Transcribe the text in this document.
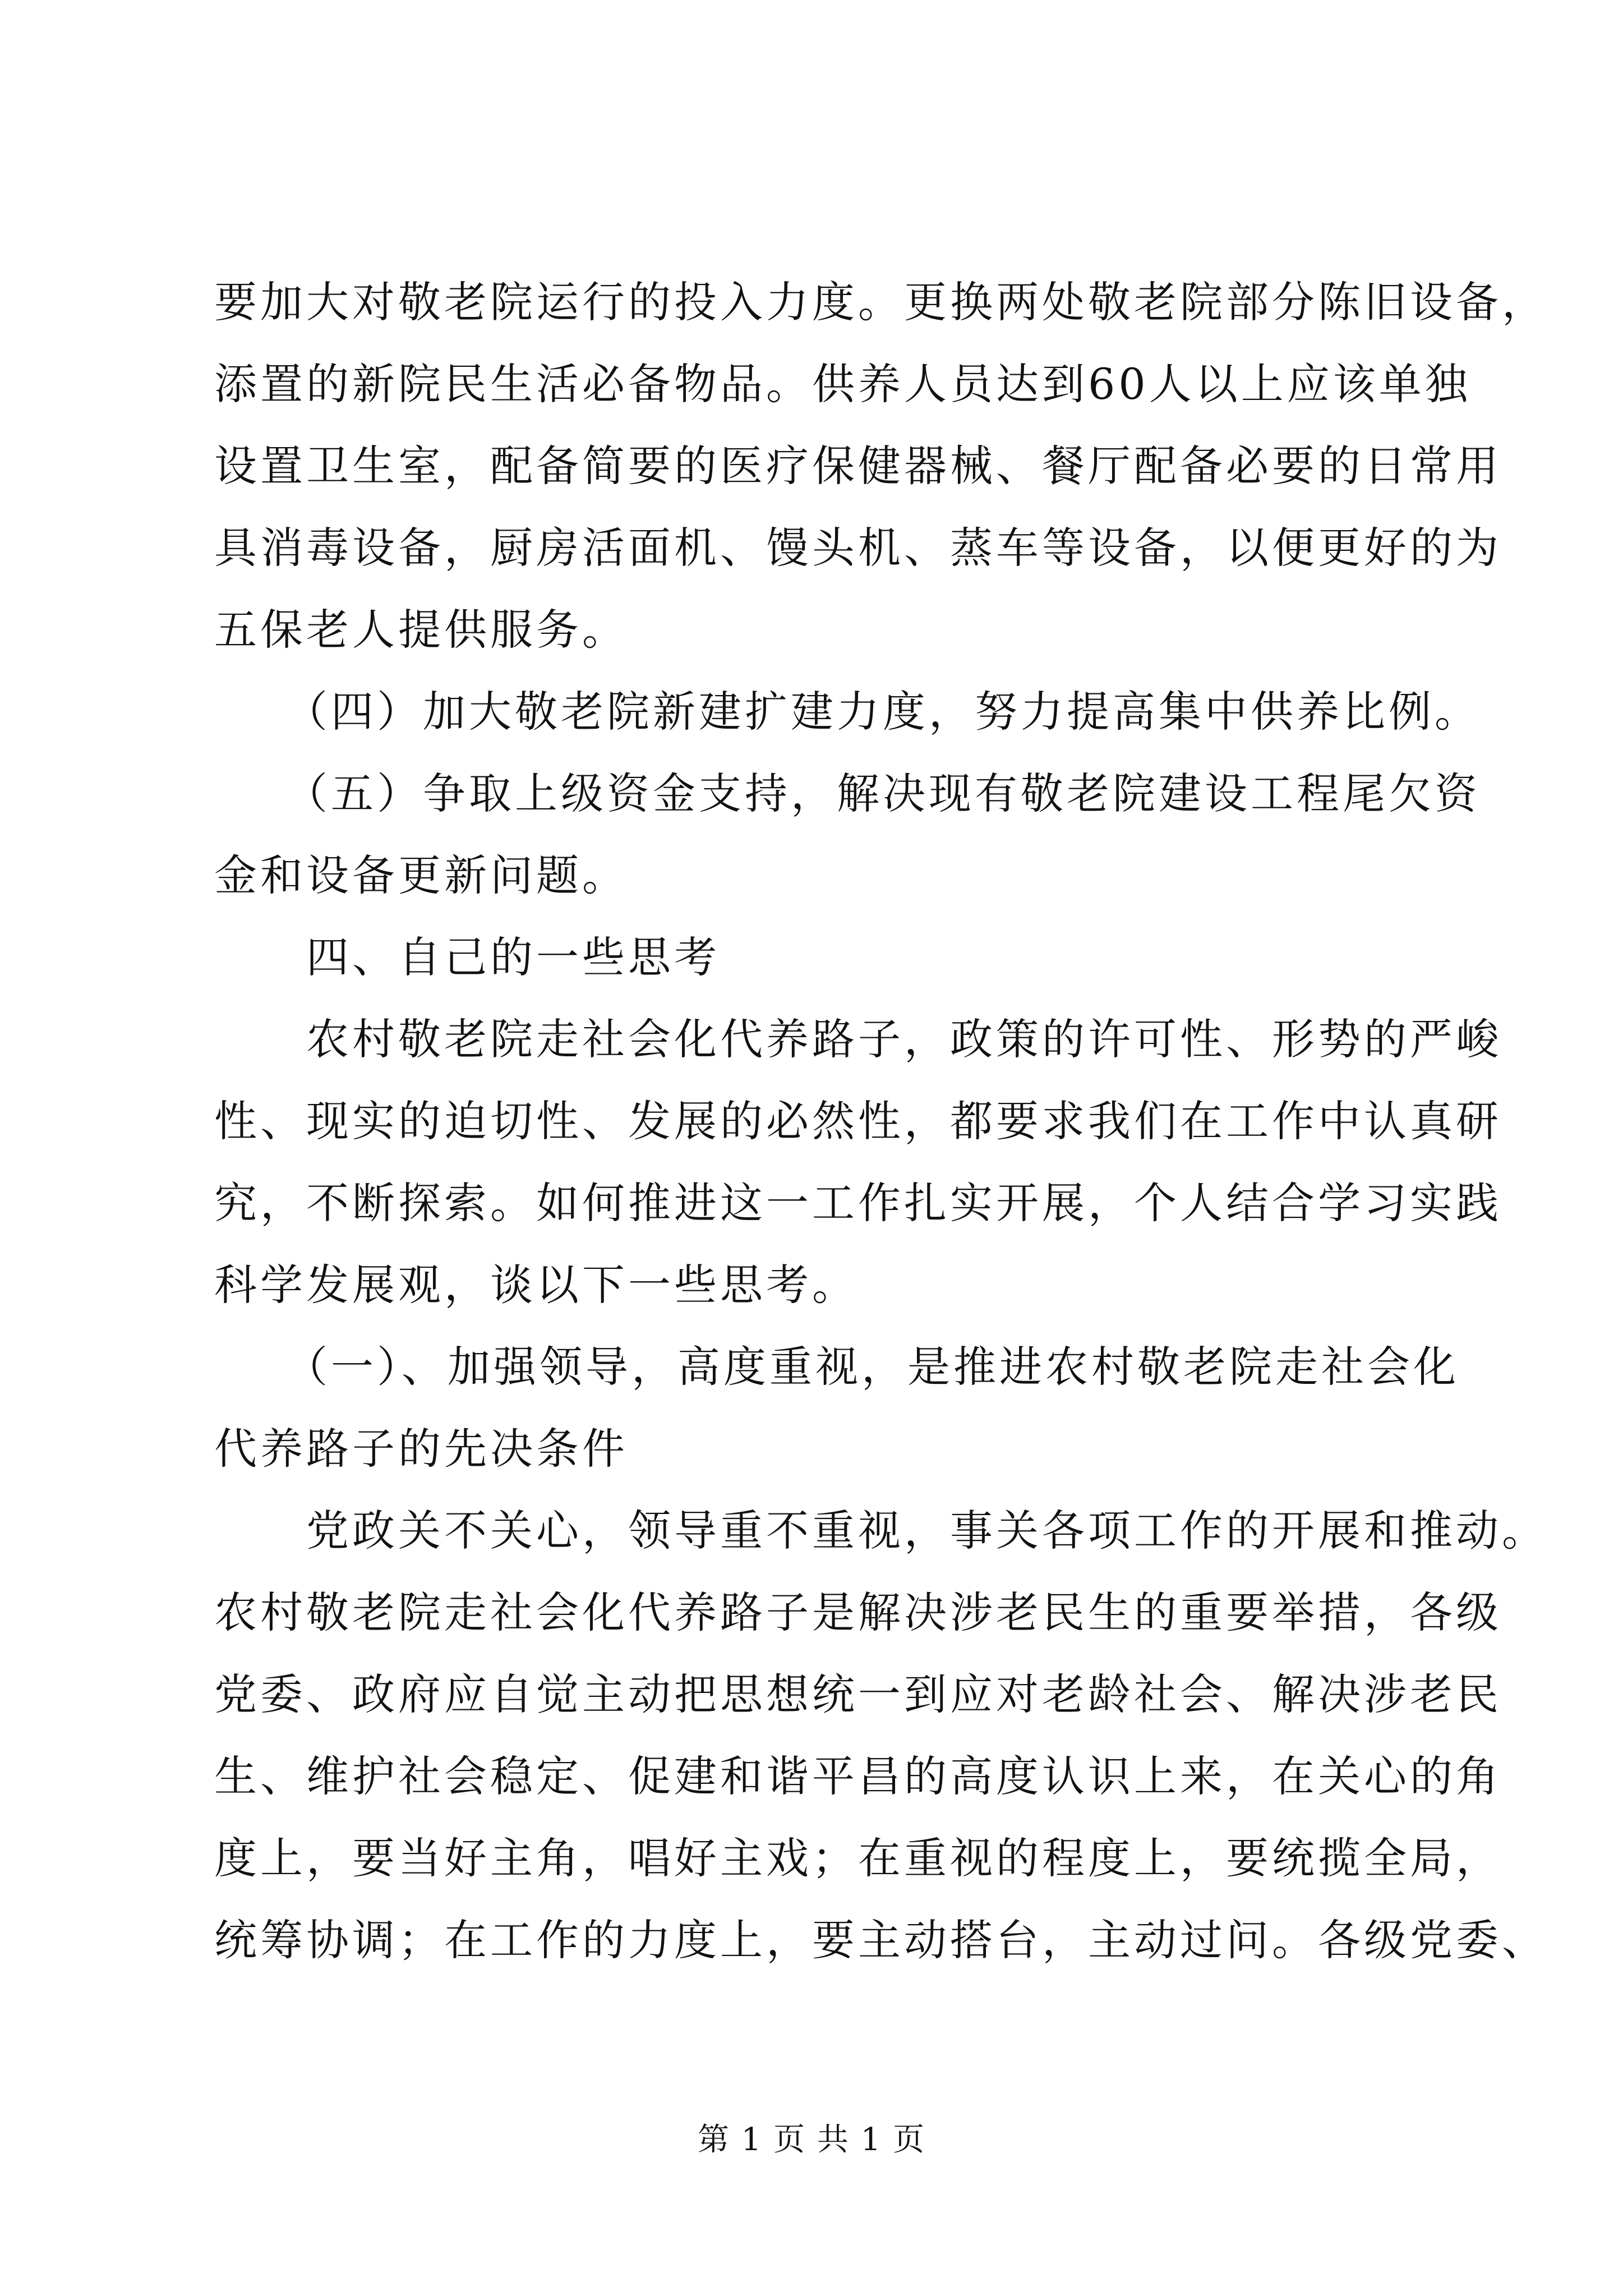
要加大对敬老院运行的投入力度。更换两处敬老院部分陈旧设备，
添置的新院民生活必备物品。供养人员达到60人以上应该单独
设置卫生室，配备简要的医疗保健器械、餐厅配备必要的日常用
具消毒设备，厨房活面机、馒头机、蒸车等设备，以便更好的为
五保老人提供服务。
　　（四）加大敬老院新建扩建力度，努力提高集中供养比例。
　　（五）争取上级资金支持，解决现有敬老院建设工程尾欠资
金和设备更新问题。
　　四、自己的一些思考
　　农村敬老院走社会化代养路子，政策的许可性、形势的严峻
性、现实的迫切性、发展的必然性，都要求我们在工作中认真研
究，不断探索。如何推进这一工作扎实开展，个人结合学习实践
科学发展观，谈以下一些思考。
　　（一）、加强领导，高度重视，是推进农村敬老院走社会化
代养路子的先决条件
　　党政关不关心，领导重不重视，事关各项工作的开展和推动。
农村敬老院走社会化代养路子是解决涉老民生的重要举措，各级
党委、政府应自觉主动把思想统一到应对老龄社会、解决涉老民
生、维护社会稳定、促建和谐平昌的高度认识上来，在关心的角
度上，要当好主角，唱好主戏；在重视的程度上，要统揽全局，
统筹协调；在工作的力度上，要主动搭台，主动过问。各级党委、
第 1 页 共 1 页
